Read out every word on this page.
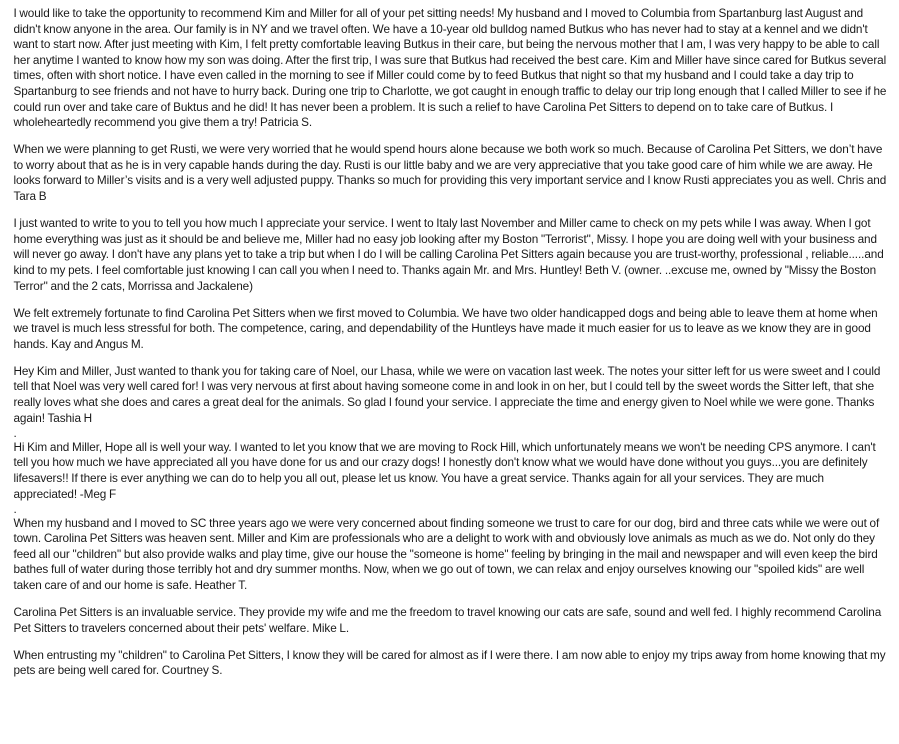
I would like to take the opportunity to recommend Kim and Miller for all of your pet sitting needs! My husband and I moved to Columbia from Spartanburg last August and didn't know anyone in the area. Our family is in NY and we travel often. We have a 10-year old bulldog named Butkus who has never had to stay at a kennel and we didn't want to start now. After just meeting with Kim, I felt pretty comfortable leaving Butkus in their care, but being the nervous mother that I am, I was very happy to be able to call her anytime I wanted to know how my son was doing. After the first trip, I was sure that Butkus had received the best care. Kim and Miller have since cared for Butkus several times, often with short notice. I have even called in the morning to see if Miller could come by to feed Butkus that night so that my husband and I could take a day trip to Spartanburg to see friends and not have to hurry back. During one trip to Charlotte, we got caught in enough traffic to delay our trip long enough that I called Miller to see if he could run over and take care of Buktus and he did! It has never been a problem. It is such a relief to have Carolina Pet Sitters to depend on to take care of Butkus. I wholeheartedly recommend you give them a try! Patricia S.

When we were planning to get Rusti, we were very worried that he would spend hours alone because we both work so much. Because of Carolina Pet Sitters, we don’t have to worry about that as he is in very capable hands during the day. Rusti is our little baby and we are very appreciative that you take good care of him while we are away. He looks forward to Miller’s visits and is a very well adjusted puppy. Thanks so much for providing this very important service and I know Rusti appreciates you as well. Chris and Tara B

I just wanted to write to you to tell you how much I appreciate your service. I went to Italy last November and Miller came to check on my pets while I was away. When I got home everything was just as it should be and believe me, Miller had no easy job looking after my Boston "Terrorist", Missy. I hope you are doing well with your business and will never go away. I don't have any plans yet to take a trip but when I do I will be calling Carolina Pet Sitters again because you are trust-worthy, professional , reliable.....and kind to my pets. I feel comfortable just knowing I can call you when I need to. Thanks again Mr. and Mrs. Huntley! Beth V. (owner. ..excuse me, owned by "Missy the Boston Terror" and the 2 cats, Morrissa and Jackalene)

We felt extremely fortunate to find Carolina Pet Sitters when we first moved to Columbia. We have two older handicapped dogs and being able to leave them at home when we travel is much less stressful for both. The competence, caring, and dependability of the Huntleys have made it much easier for us to leave as we know they are in good hands. Kay and Angus M.

Hey Kim and Miller, Just wanted to thank you for taking care of Noel, our Lhasa, while we were on vacation last week. The notes your sitter left for us were sweet and I could tell that Noel was very well cared for! I was very nervous at first about having someone come in and look in on her, but I could tell by the sweet words the Sitter left, that she really loves what she does and cares a great deal for the animals. So glad I found your service. I appreciate the time and energy given to Noel while we were gone. Thanks again! Tashia H

.

Hi Kim and Miller, Hope all is well your way. I wanted to let you know that we are moving to Rock Hill, which unfortunately means we won't be needing CPS anymore. I can't tell you how much we have appreciated all you have done for us and our crazy dogs! I honestly don't know what we would have done without you guys...you are definitely lifesavers!! If there is ever anything we can do to help you all out, please let us know. You have a great service. Thanks again for all your services. They are much appreciated! -Meg F

.

When my husband and I moved to SC three years ago we were very concerned about finding someone we trust to care for our dog, bird and three cats while we were out of town. Carolina Pet Sitters was heaven sent. Miller and Kim are professionals who are a delight to work with and obviously love animals as much as we do. Not only do they feed all our "children" but also provide walks and play time, give our house the "someone is home" feeling by bringing in the mail and newspaper and will even keep the bird bathes full of water during those terribly hot and dry summer months. Now, when we go out of town, we can relax and enjoy ourselves knowing our "spoiled kids" are well taken care of and our home is safe. Heather T.

Carolina Pet Sitters is an invaluable service. They provide my wife and me the freedom to travel knowing our cats are safe, sound and well fed. I highly recommend Carolina Pet Sitters to travelers concerned about their pets' welfare. Mike L.

When entrusting my "children" to Carolina Pet Sitters, I know they will be cared for almost as if I were there. I am now able to enjoy my trips away from home knowing that my pets are being well cared for. Courtney S.
